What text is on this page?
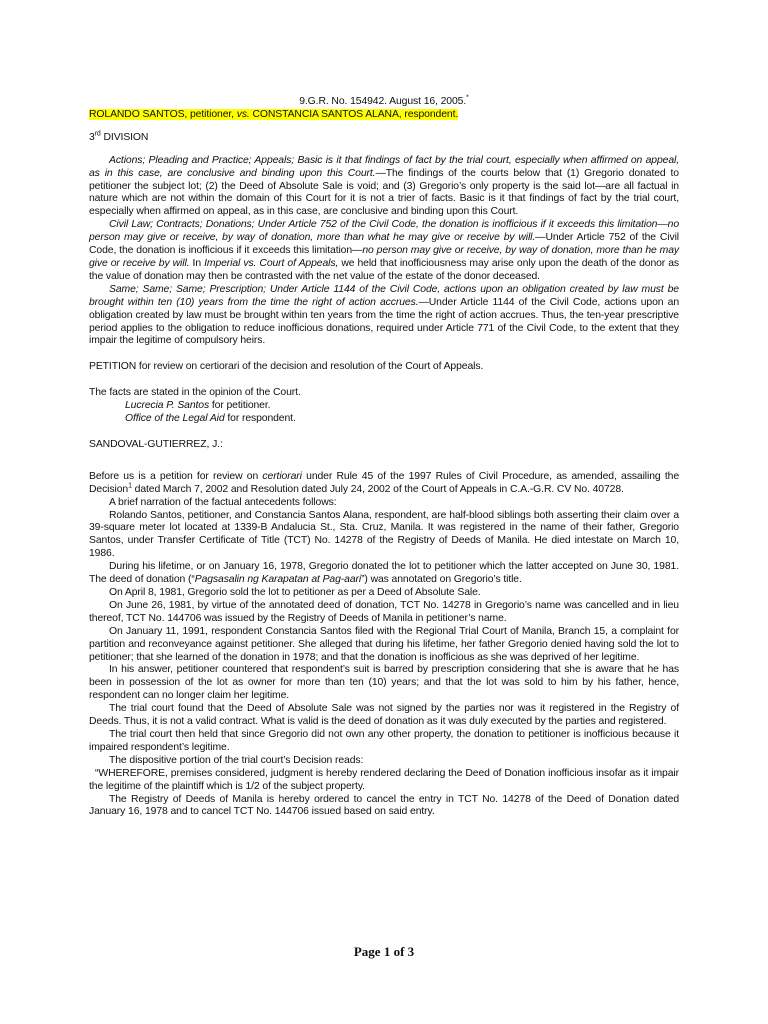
9.G.R. No. 154942. August 16, 2005.*

ROLANDO SANTOS, petitioner, vs. CONSTANCIA SANTOS ALANA, respondent.

3rd DIVISION

Actions; Pleading and Practice; Appeals; Basic is it that findings of fact by the trial court, especially when affirmed on appeal, as in this case, are conclusive and binding upon this Court.—The findings of the courts below that (1) Gregorio donated to petitioner the subject lot; (2) the Deed of Absolute Sale is void; and (3) Gregorio’s only property is the said lot—are all factual in nature which are not within the domain of this Court for it is not a trier of facts. Basic is it that findings of fact by the trial court, especially when affirmed on appeal, as in this case, are conclusive and binding upon this Court.

Civil Law; Contracts; Donations; Under Article 752 of the Civil Code, the donation is inofficious if it exceeds this limitation—no person may give or receive, by way of donation, more than what he may give or receive by will.—Under Article 752 of the Civil Code, the donation is inofficious if it exceeds this limitation—no person may give or receive, by way of donation, more than he may give or receive by will. In Imperial vs. Court of Appeals, we held that inofficiousness may arise only upon the death of the donor as the value of donation may then be contrasted with the net value of the estate of the donor deceased.

Same; Same; Same; Prescription; Under Article 1144 of the Civil Code, actions upon an obligation created by law must be brought within ten (10) years from the time the right of action accrues.—Under Article 1144 of the Civil Code, actions upon an obligation created by law must be brought within ten years from the time the right of action accrues. Thus, the ten-year prescriptive period applies to the obligation to reduce inofficious donations, required under Article 771 of the Civil Code, to the extent that they impair the legitime of compulsory heirs.

PETITION for review on certiorari of the decision and resolution of the Court of Appeals.

The facts are stated in the opinion of the Court.

Lucrecia P. Santos for petitioner.

Office of the Legal Aid for respondent.

SANDOVAL-GUTIERREZ, J.:

Before us is a petition for review on certiorari under Rule 45 of the 1997 Rules of Civil Procedure, as amended, assailing the Decision$^1$ dated March 7, 2002 and Resolution dated July 24, 2002 of the Court of Appeals in C.A.-G.R. CV No. 40728.

A brief narration of the factual antecedents follows:

Rolando Santos, petitioner, and Constancia Santos Alana, respondent, are half-blood siblings both asserting their claim over a 39-square meter lot located at 1339-B Andalucia St., Sta. Cruz, Manila. It was registered in the name of their father, Gregorio Santos, under Transfer Certificate of Title (TCT) No. 14278 of the Registry of Deeds of Manila. He died intestate on March 10, 1986.

During his lifetime, or on January 16, 1978, Gregorio donated the lot to petitioner which the latter accepted on June 30, 1981. The deed of donation (“Pagsasalin ng Karapatan at Pag-aari”) was annotated on Gregorio’s title.

On April 8, 1981, Gregorio sold the lot to petitioner as per a Deed of Absolute Sale.

On June 26, 1981, by virtue of the annotated deed of donation, TCT No. 14278 in Gregorio’s name was cancelled and in lieu thereof, TCT No. 144706 was issued by the Registry of Deeds of Manila in petitioner’s name.

On January 11, 1991, respondent Constancia Santos filed with the Regional Trial Court of Manila, Branch 15, a complaint for partition and reconveyance against petitioner. She alleged that during his lifetime, her father Gregorio denied having sold the lot to petitioner; that she learned of the donation in 1978; and that the donation is inofficious as she was deprived of her legitime.

In his answer, petitioner countered that respondent’s suit is barred by prescription considering that she is aware that he has been in possession of the lot as owner for more than ten (10) years; and that the lot was sold to him by his father, hence, respondent can no longer claim her legitime.

The trial court found that the Deed of Absolute Sale was not signed by the parties nor was it registered in the Registry of Deeds. Thus, it is not a valid contract. What is valid is the deed of donation as it was duly executed by the parties and registered.

The trial court then held that since Gregorio did not own any other property, the donation to petitioner is inofficious because it impaired respondent’s legitime.

The dispositive portion of the trial court’s Decision reads:

“WHEREFORE, premises considered, judgment is hereby rendered declaring the Deed of Donation inofficious insofar as it impair the legitime of the plaintiff which is 1/2 of the subject property.

The Registry of Deeds of Manila is hereby ordered to cancel the entry in TCT No. 14278 of the Deed of Donation dated January 16, 1978 and to cancel TCT No. 144706 issued based on said entry.

Page 1 of 3
